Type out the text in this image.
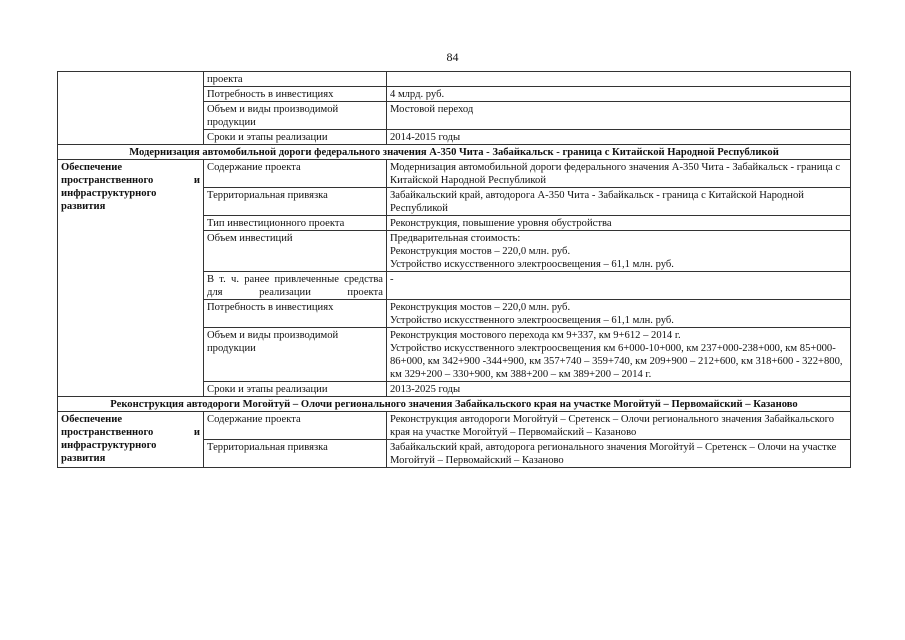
84
	проекта	
	Потребность в инвестициях	4 млрд. руб.
	Объем и виды производимой продукции	Мостовой переход
	Сроки и этапы реализации	2014-2015 годы
Модернизация автомобильной дороги федерального значения А-350 Чита - Забайкальск - граница с Китайской Народной Республикой		
Обеспечение пространственного и инфраструктурного развития	Содержание проекта	Модернизация автомобильной дороги федерального значения А-350 Чита - Забайкальск - граница с Китайской Народной Республикой
	Территориальная привязка	Забайкальский край, автодорога А-350 Чита - Забайкальск - граница с Китайской Народной Республикой
	Тип инвестиционного проекта	Реконструкция, повышение уровня обустройства
	Объем инвестиций	Предварительная стоимость:
Реконструкция мостов – 220,0 млн. руб.
Устройство искусственного электроосвещения – 61,1 млн. руб.

	В т. ч. ранее привлеченные средства для реализации проекта	-
	Потребность в инвестициях	Реконструкция мостов – 220,0 млн. руб.
Устройство искусственного электроосвещения – 61,1 млн. руб.

	Объем и виды производимой продукции	Реконструкция мостового перехода км 9+337, км 9+612 – 2014 г.
Устройство искусственного электроосвещения км 6+000-10+000, км 237+000-238+000, км 85+000-86+000, км 342+900 -344+900, км 357+740 – 359+740, км 209+900 – 212+600, км 318+600 - 322+800, км 329+200 – 330+900, км 388+200 – км 389+200 – 2014 г.

	Сроки и этапы реализации	2013-2025 годы
Реконструкция автодороги Могойтуй – Олочи регионального значения Забайкальского края на участке Могойтуй – Первомайский – Казаново		
Обеспечение пространственного и инфраструктурного развития	Содержание проекта	Реконструкция автодороги Могойтуй – Сретенск – Олочи регионального значения Забайкальского края на участке Могойтуй – Первомайский – Казаново
	Территориальная привязка	Забайкальский край, автодорога регионального значения Могойтуй – Сретенск – Олочи на участке Могойтуй – Первомайский – Казаново
